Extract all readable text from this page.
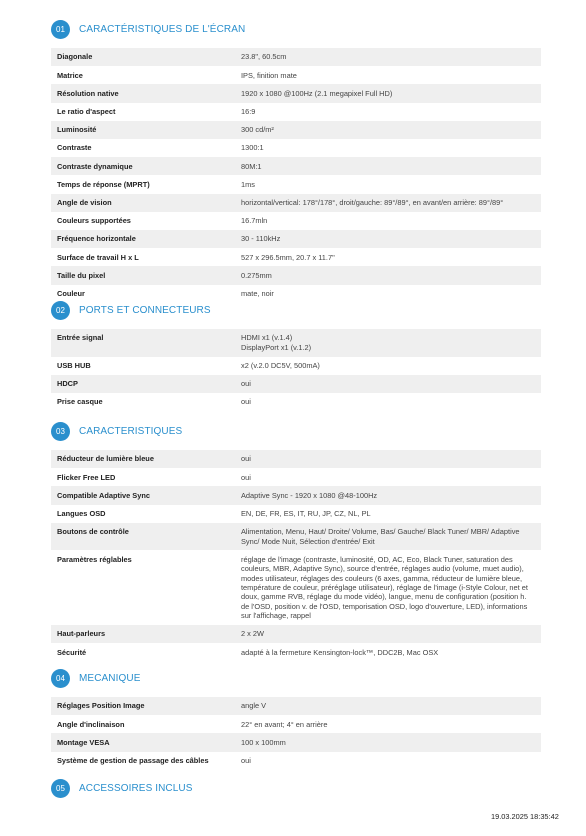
01	CARACTÉRISTIQUES DE L'ÉCRAN
Diagonale	23.8", 60.5cm
Matrice	IPS, finition mate
Résolution native	1920 x 1080 @100Hz (2.1 megapixel Full HD)
Le ratio d'aspect	16:9
Luminosité	300 cd/m²
Contraste	1300:1
Contraste dynamique	80M:1
Temps de réponse (MPRT)	1ms
Angle de vision	horizontal/vertical: 178°/178°, droit/gauche: 89°/89°, en avant/en arrière: 89°/89°
Couleurs supportées	16.7mln
Fréquence horizontale	30 - 110kHz
Surface de travail H x L	527 x 296.5mm, 20.7 x 11.7"
Taille du pixel	0.275mm
Couleur	mate, noir
02	PORTS ET CONNECTEURS
Entrée signal	HDMI x1 (v.1.4)
DisplayPort x1 (v.1.2)
USB HUB	x2 (v.2.0 DC5V, 500mA)
HDCP	oui
Prise casque	oui
03	CARACTERISTIQUES
Réducteur de lumière bleue	oui
Flicker Free LED	oui
Compatible Adaptive Sync	Adaptive Sync - 1920 x 1080 @48-100Hz
Langues OSD	EN, DE, FR, ES, IT, RU, JP, CZ, NL, PL
Boutons de contrôle	Alimentation, Menu, Haut/ Droite/ Volume, Bas/ Gauche/ Black Tuner/ MBR/ Adaptive Sync/ Mode Nuit, Sélection d'entrée/ Exit
Paramètres réglables	réglage de l'image (contraste, luminosité, OD, AC, Eco, Black Tuner, saturation des couleurs, MBR, Adaptive Sync), source d'entrée, réglages audio (volume, muet audio), modes utilisateur, réglages des couleurs (6 axes, gamma, réducteur de lumière bleue, température de couleur, préréglage utilisateur), réglage de l'image (i-Style Colour, net et doux, gamme RVB, réglage du mode vidéo), langue, menu de configuration (position h. de l'OSD, position v. de l'OSD, temporisation OSD, logo d'ouverture, LED), informations sur l'affichage, rappel
Haut-parleurs	2 x 2W
Sécurité	adapté à la fermeture Kensington-lock™, DDC2B, Mac OSX
04	MECANIQUE
Réglages Position Image	angle V
Angle d'inclinaison	22° en avant; 4° en arrière
Montage VESA	100 x 100mm
Système de gestion de passage des câbles	oui
05	ACCESSOIRES INCLUS
19.03.2025 18:35:42
